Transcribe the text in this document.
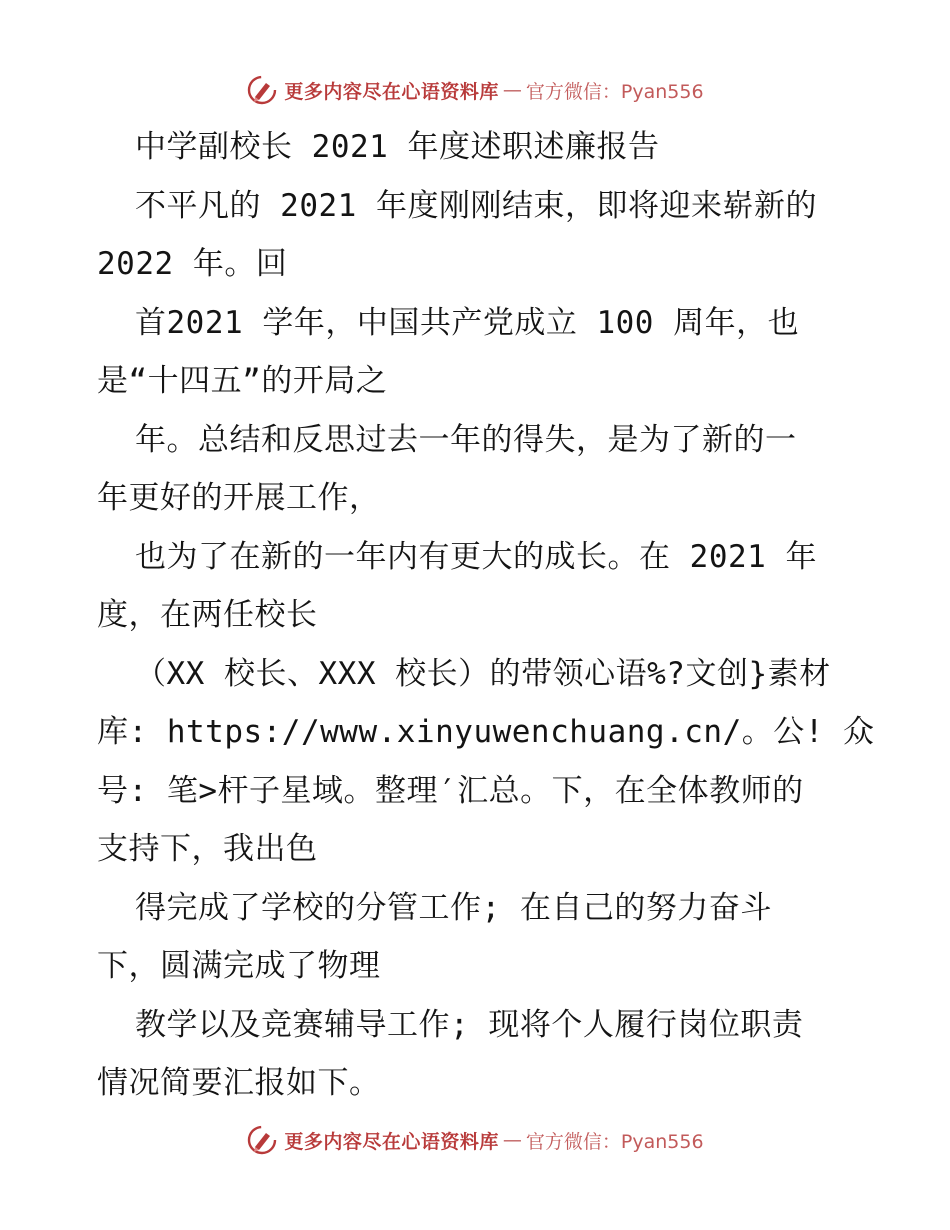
更多内容尽在心语资料库 — 官方微信：Pyan556
中学副校长 2021 年度述职述廉报告
不平凡的 2021 年度刚刚结束，即将迎来崭新的
2022 年。回
首2021 学年，中国共产党成立 100 周年，也
是“十四五”的开局之
年。总结和反思过去一年的得失，是为了新的一
年更好的开展工作，
也为了在新的一年内有更大的成长。在 2021 年
度，在两任校长
（XX 校长、XXX 校长）的带领心语%?文创}素材
库: https://www.xinyuwenchuang.cn/。公! 众
号: 笔>杆子星域。整理′汇总。下，在全体教师的
支持下，我出色
得完成了学校的分管工作; 在自己的努力奋斗
下，圆满完成了物理
教学以及竞赛辅导工作; 现将个人履行岗位职责
情况简要汇报如下。
更多内容尽在心语资料库 — 官方微信：Pyan556
